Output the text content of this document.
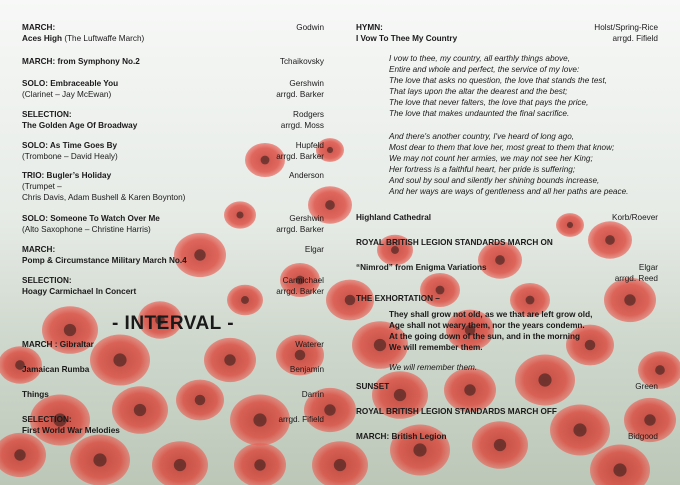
MARCH:	Godwin
Aces High (The Luftwaffe March)
MARCH: from Symphony No.2	Tchaikovsky
SOLO: Embraceable You	Gershwin
(Clarinet – Jay McEwan)	arrgd. Barker
SELECTION:	Rodgers
The Golden Age Of Broadway	arrgd. Moss
SOLO: As Time Goes By	Hupfeld
(Trombone – David Healy)	arrgd. Barker
TRIO: Bugler’s Holiday	Anderson
(Trumpet –
Chris Davis, Adam Bushell & Karen Boynton)
SOLO: Someone To Watch Over Me	Gershwin
(Alto Saxophone – Christine Harris)	arrgd. Barker
MARCH:	Elgar
Pomp & Circumstance Military March No.4
SELECTION:	Carmichael
Hoagy Carmichael In Concert	arrgd. Barker
- INTERVAL -
MARCH : Gibraltar	Waterer
Jamaican Rumba	Benjamin
Things	Darrin
SELECTION:	arrgd. Fifield
First World War Melodies
HYMN:	Holst/Spring-Rice
I Vow To Thee My Country	arrgd. Fifield
I vow to thee, my country, all earthly things above,
Entire and whole and perfect, the service of my love:
The love that asks no question, the love that stands the test,
That lays upon the altar the dearest and the best;
The love that never falters, the love that pays the price,
The love that makes undaunted the final sacrifice.
And there's another country, I've heard of long ago,
Most dear to them that love her, most great to them that know;
We may not count her armies, we may not see her King;
Her fortress is a faithful heart, her pride is suffering;
And soul by soul and silently her shining bounds increase,
And her ways are ways of gentleness and all her paths are peace.
Highland Cathedral	Korb/Roever
ROYAL BRITISH LEGION STANDARDS MARCH ON
“Nimrod” from Enigma Variations	Elgar
arrgd. Reed
THE EXHORTATION –
They shall grow not old, as we that are left grow old,
Age shall not weary them, nor the years condemn.
At the going down of the sun, and in the morning
We will remember them.
We will remember them.
SUNSET	Green
ROYAL BRITISH LEGION STANDARDS MARCH OFF
MARCH: British Legion	Bidgood
